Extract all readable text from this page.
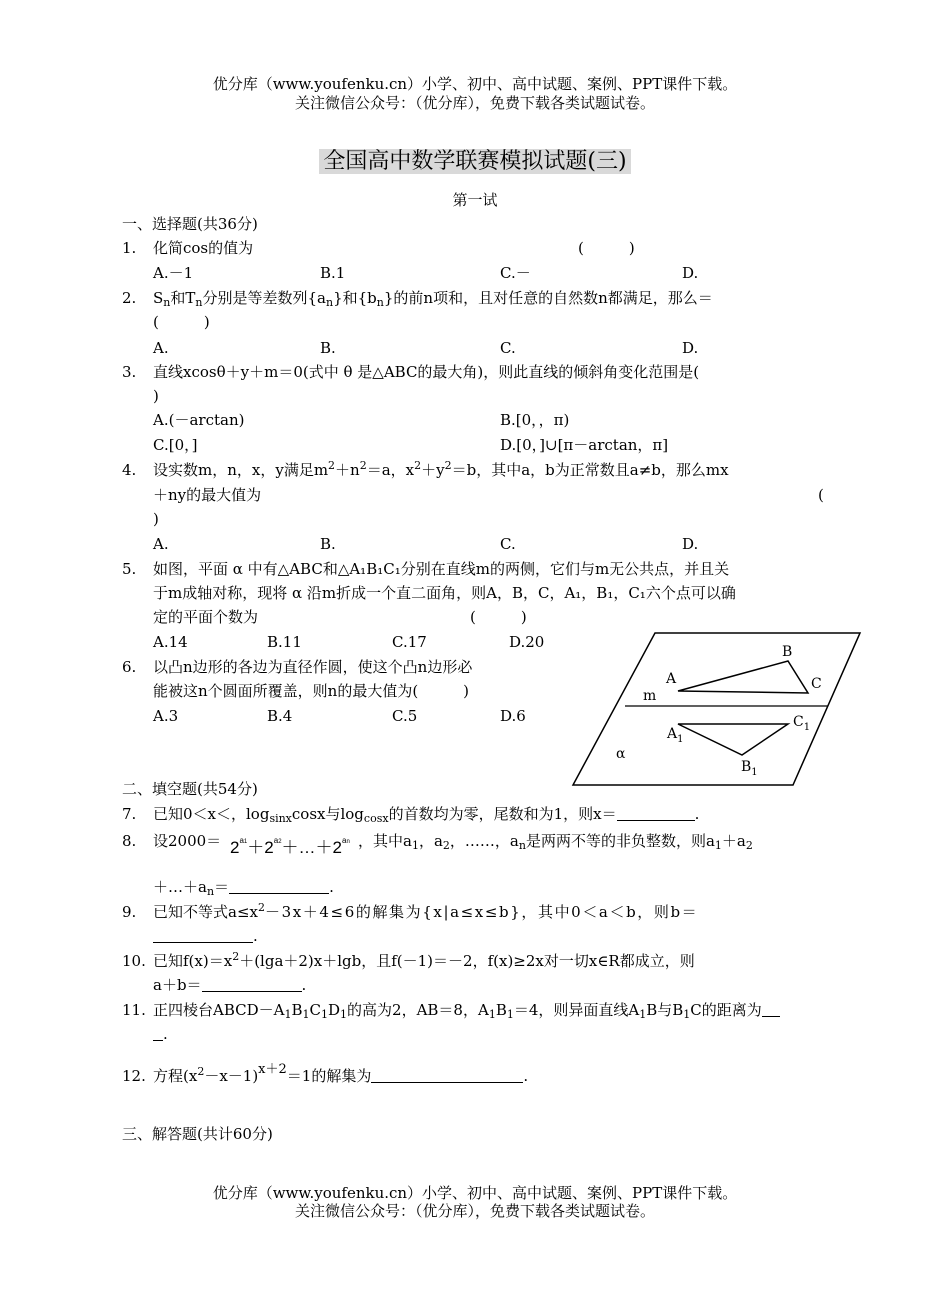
优分库（www.youfenku.cn）小学、初中、高中试题、案例、PPT课件下载。
关注微信公众号：（优分库），免费下载各类试题试卷。
全国高中数学联赛模拟试题(三)
第一试
一、选择题(共36分)
1. 化简cos的值为	(　　　)
A.－1	B.1	C.－	D.
2. $S_n$和$T_n$分别是等差数列$\{a_n\}$和$\{b_n\}$的前n项和，且对任意的自然数n都满足，那么＝
(　　　)
A.	B.	C.	D.
3. 直线xcosθ＋y＋m＝0(式中 θ 是△ABC的最大角)，则此直线的倾斜角变化范围是(
)
A.(－arctan)	B.[0，，π)
C.[0，]	D.[0，]∪[π－arctan，π]
4. 设实数m，n，x，y满足$m^2+n^2=a$，$x^2+y^2=b$，其中a，b为正常数且a≠b，那么mx
＋ny的最大值为	(
)
A.	B.	C.	D.
5. 如图，平面 α 中有△ABC和△A₁B₁C₁分别在直线m的两侧，它们与m无公共点，并且关
于m成轴对称，现将 α 沿m折成一个直二面角，则A，B，C，A₁，B₁，C₁六个点可以确
定的平面个数为	(　　　)
A.14	B.11	C.17	D.20
6. 以凸n边形的各边为直径作圆，使这个凸n边形必
能被这n个圆面所覆盖，则n的最大值为(　　　)
A.3	B.4	C.5	D.6
m
A
B
C
$A_1$
$C_1$
$B_1$
α
二、填空题(共54分)
7. 已知0＜x＜，$\log_{sinx}\cos x$与$\log_{cosx}$的首数均为零，尾数和为1，则x＝	.
8. 设$2000= 2^{a1}+2^{a2}+\dots+2^{an}$ ，其中$a_1$，$a_2$，……，$a_n$是两两不等的非负整数，则$a_1+a_2$
$+\dots+a_n=$	.
9. 已知不等式$a\le x^2-3x+4\le 6$的解集为{x|a≤x≤b}，其中0＜a＜b，则b＝
.
10. 已知$f(x)=x^2+(\lg a+2)x+\lg b$，且f(－1)＝－2，f(x)≥2x对一切x∈R都成立，则
a＋b＝	.
11. 正四棱台$ABCD-A_1B_1C_1D_1$的高为2，AB＝8，$A_1B_1=4$，则异面直线$A_1B$与$B_1C$的距离为
.
12. 方程$(x^2-x-1)x+2=1$的解集为	.
三、解答题(共计60分)
优分库（www.youfenku.cn）小学、初中、高中试题、案例、PPT课件下载。
关注微信公众号：（优分库），免费下载各类试题试卷。
